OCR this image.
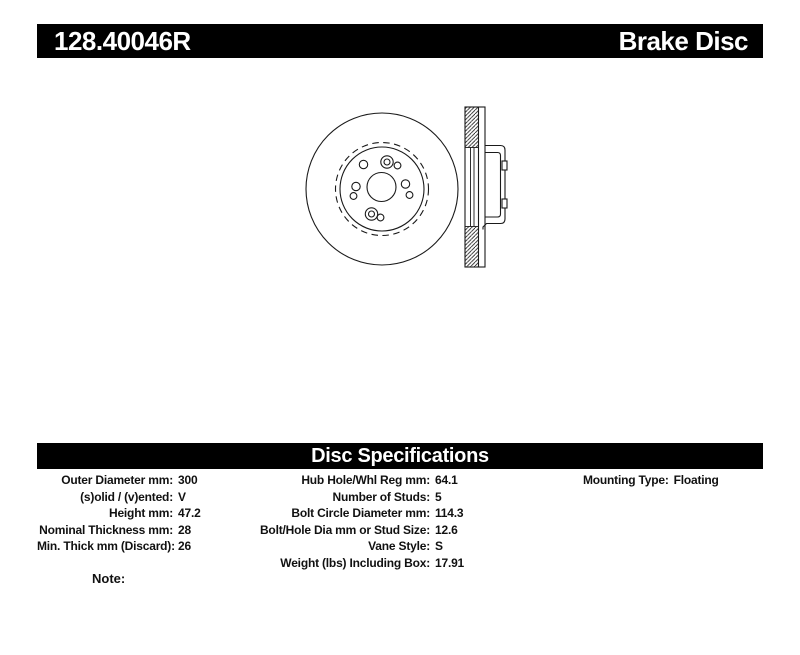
128.40046R	Brake Disc
Disc Specifications
Outer Diameter mm: 300
(s)olid / (v)ented: V
Height mm: 47.2
Nominal Thickness mm: 28
Min. Thick mm (Discard): 26
Hub Hole/Whl Reg mm: 64.1
Number of Studs: 5
Bolt Circle Diameter mm: 114.3
Bolt/Hole Dia mm or Stud Size: 12.6
Vane Style: S
Weight (lbs) Including Box: 17.91
Mounting Type: Floating
Note:
